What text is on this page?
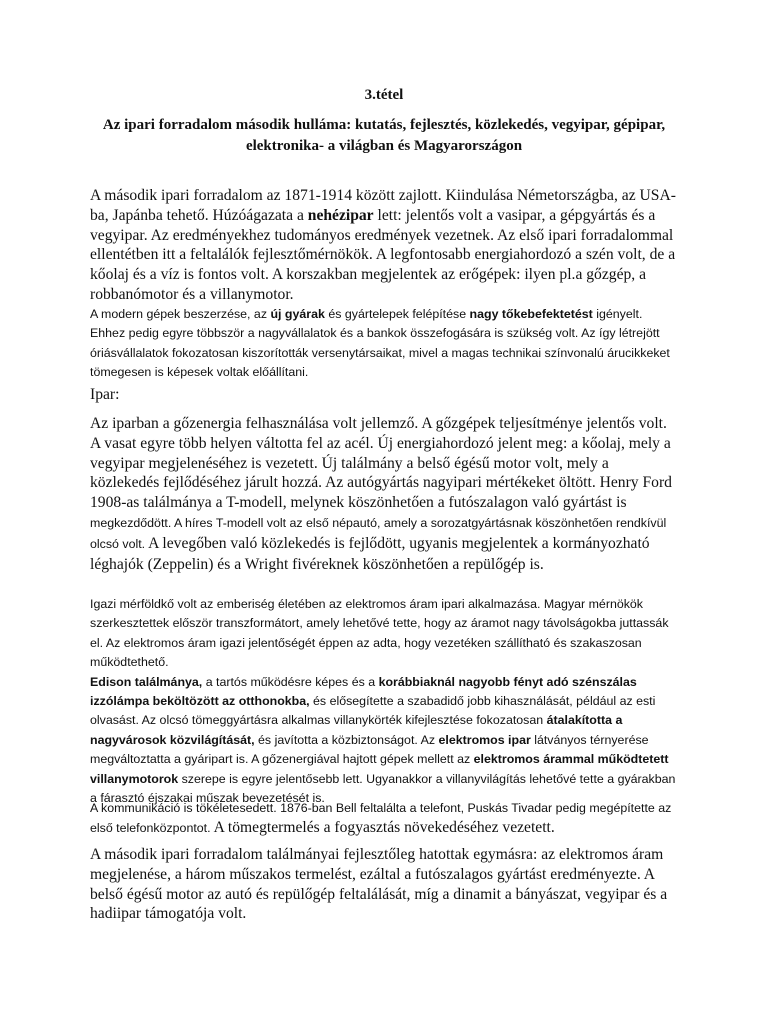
3.tétel
Az ipari forradalom második hulláma: kutatás, fejlesztés, közlekedés, vegyipar, gépipar,
elektronika- a világban és Magyarországon

A második ipari forradalom az 1871-1914 között zajlott. Kiindulása Németországba, az USA-ba, Japánba tehető. Húzóágazata a nehézipar lett: jelentős volt a vasipar, a gépgyártás és a vegyipar. Az eredményekhez tudományos eredmények vezetnek. Az első ipari forradalommal ellentétben itt a feltalálók fejlesztőmérnökök. A legfontosabb energiahordozó a szén volt, de a kőolaj és a víz is fontos volt. A korszakban megjelentek az erőgépek: ilyen pl.a gőzgép, a robbanómotor és a villanymotor.

A modern gépek beszerzése, az új gyárak és gyártelepek felépítése nagy tőkebefektetést igényelt. Ehhez pedig egyre többször a nagyvállalatok és a bankok összefogására is szükség volt. Az így létrejött óriásvállalatok fokozatosan kiszorították versenytársaikat, mivel a magas technikai színvonalú árucikkeket tömegesen is képesek voltak előállítani.

Ipar:

Az iparban a gőzenergia felhasználása volt jellemző. A gőzgépek teljesítménye jelentős volt. A vasat egyre több helyen váltotta fel az acél. Új energiahordozó jelent meg: a kőolaj, mely a vegyipar megjelenéséhez is vezetett. Új találmány a belső égésű motor volt, mely a közlekedés fejlődéséhez járult hozzá. Az autógyártás nagyipari mértékeket öltött. Henry Ford 1908-as találmánya a T-modell, melynek köszönhetően a futószalagon való gyártást is megkezdődött. A híres T-modell volt az első népautó, amely a sorozatgyártásnak köszönhetően rendkívül olcsó volt. A levegőben való közlekedés is fejlődött, ugyanis megjelentek a kormányozható léghajók (Zeppelin) és a Wright fivéreknek köszönhetően a repülőgép is.

Igazi mérföldkő volt az emberiség életében az elektromos áram ipari alkalmazása. Magyar mérnökök szerkesztettek először transzformátort, amely lehetővé tette, hogy az áramot nagy távolságokba juttassák el. Az elektromos áram igazi jelentőségét éppen az adta, hogy vezetéken szállítható és szakaszosan működtethető.
Edison találmánya, a tartós működésre képes és a korábbiaknál nagyobb fényt adó szénszálas izzólámpa beköltözött az otthonokba, és elősegítette a szabadidő jobb kihasználását, például az esti olvasást. Az olcsó tömeggyártásra alkalmas villanykörték kifejlesztése fokozatosan átalakította a nagyvárosok közvilágítását, és javította a közbiztonságot. Az elektromos ipar látványos térnyerése megváltoztatta a gyáripart is. A gőzenergiával hajtott gépek mellett az elektromos árammal működtetett villanymotorok szerepe is egyre jelentősebb lett. Ugyanakkor a villanyvilágítás lehetővé tette a gyárakban a fárasztó éjszakai műszak bevezetését is.

A kommunikáció is tökéletesedett. 1876-ban Bell feltalálta a telefont, Puskás Tivadar pedig megépítette az első telefonközpontot. A tömegtermelés a fogyasztás növekedéséhez vezetett.

A második ipari forradalom találmányai fejlesztőleg hatottak egymásra: az elektromos áram megjelenése, a három műszakos termelést, ezáltal a futószalagos gyártást eredményezte. A belső égésű motor az autó és repülőgép feltalálását, míg a dinamit a bányászat, vegyipar és a hadiipar támogatója volt.
